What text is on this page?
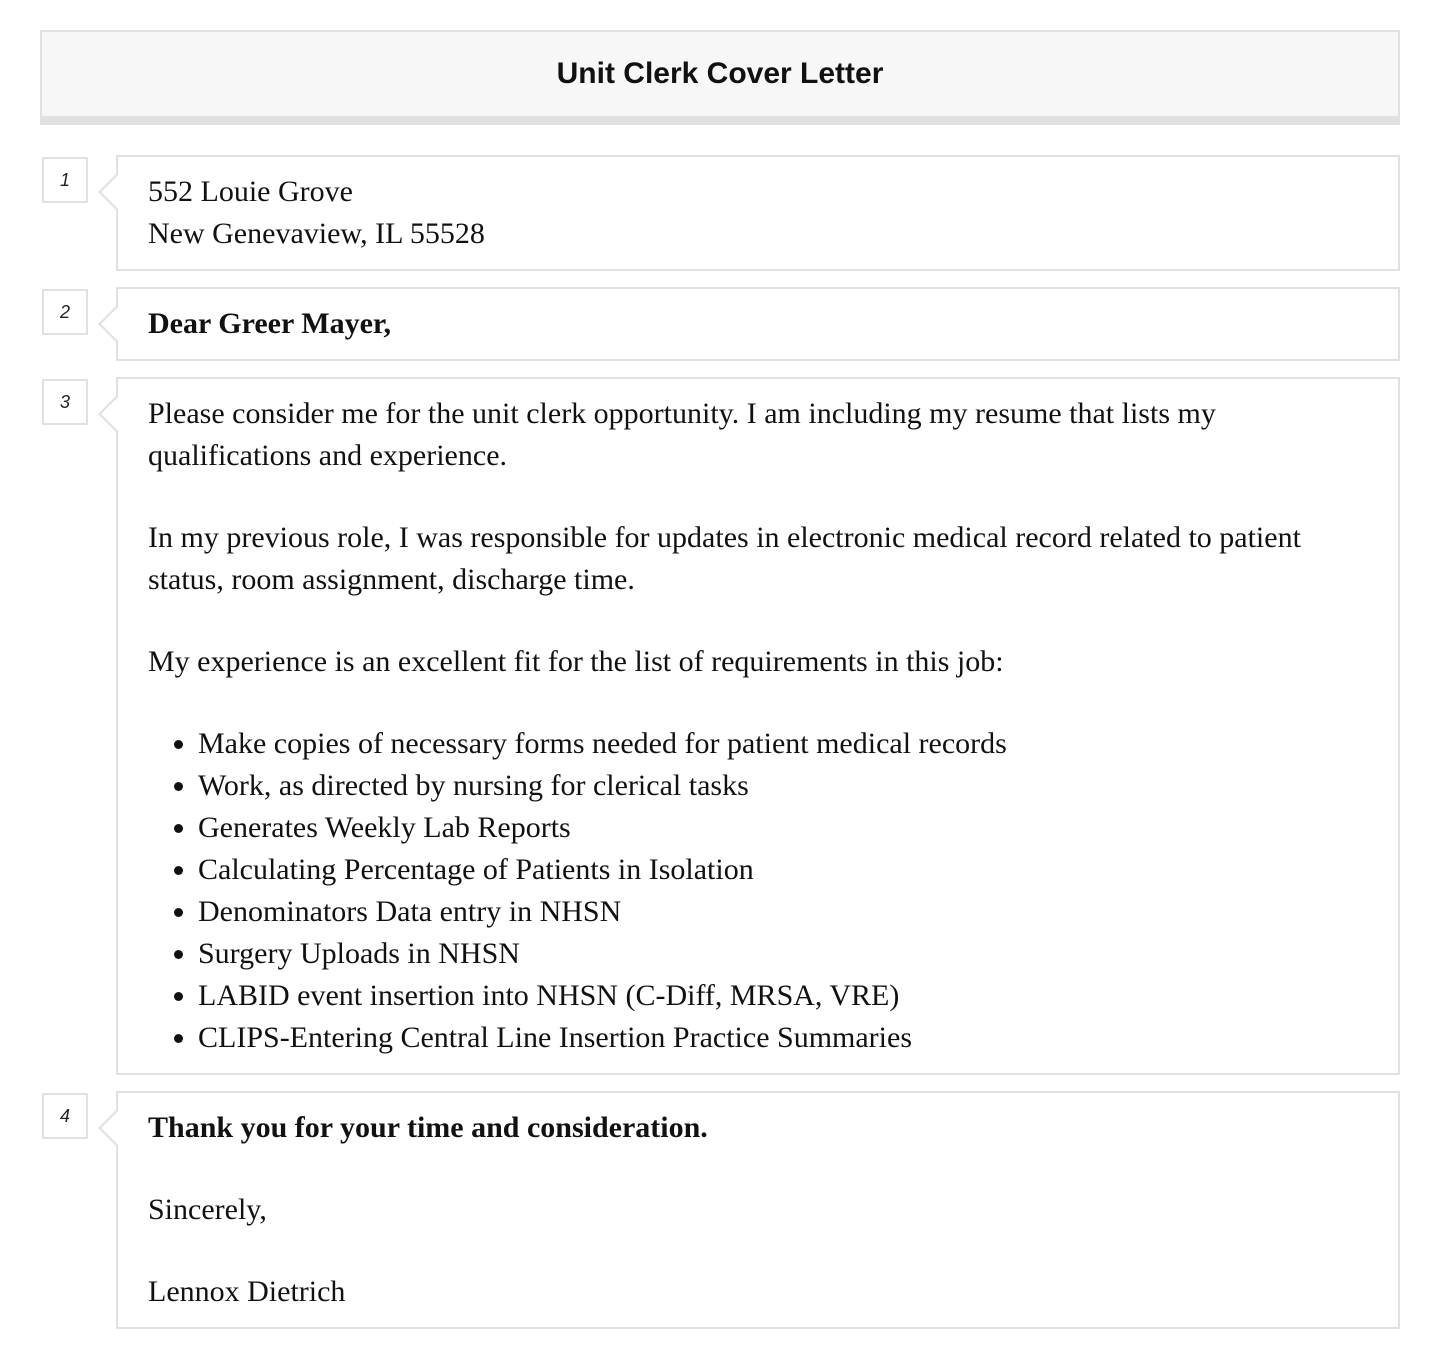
Unit Clerk Cover Letter
1	552 Louie Grove

New Genevaview, IL 55528

2	Dear Greer Mayer,

3	Please consider me for the unit clerk opportunity. I am including my resume that lists my qualifications and experience.

In my previous role, I was responsible for updates in electronic medical record related to patient status, room assignment, discharge time.

My experience is an excellent fit for the list of requirements in this job:

• Make copies of necessary forms needed for patient medical records
• Work, as directed by nursing for clerical tasks
• Generates Weekly Lab Reports
• Calculating Percentage of Patients in Isolation
• Denominators Data entry in NHSN
• Surgery Uploads in NHSN
• LABID event insertion into NHSN (C-Diff, MRSA, VRE)
• CLIPS-Entering Central Line Insertion Practice Summaries
4	Thank you for your time and consideration.

Sincerely,

Lennox Dietrich
